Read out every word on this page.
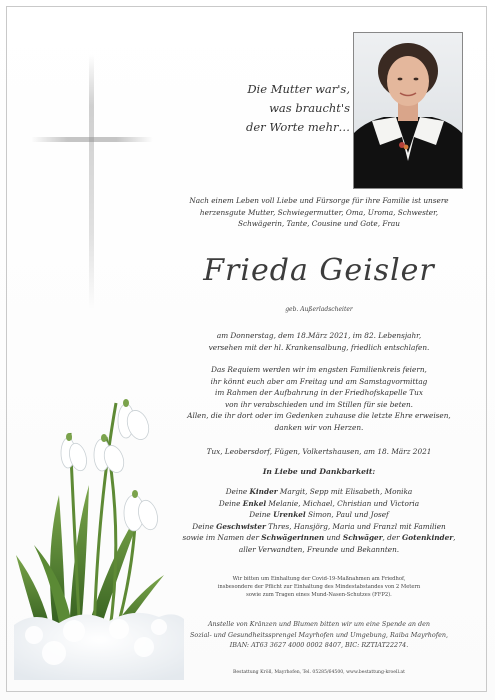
Die Mutter war's,
was braucht's
der Worte mehr…
Nach einem Leben voll Liebe und Fürsorge für ihre Familie ist unsere
herzensgute Mutter, Schwiegermutter, Oma, Uroma, Schwester,
Schwägerin, Tante, Cousine und Gote, Frau
Frieda Geisler
geb. Außerladscheiter
am Donnerstag, dem 18.März 2021, im 82. Lebensjahr,
versehen mit der hl. Krankensalbung, friedlich entschlafen.
Das Requiem werden wir im engsten Familienkreis feiern,
ihr könnt euch aber am Freitag und am Samstagvormittag
im Rahmen der Aufbahrung in der Friedhofskapelle Tux
von ihr verabschieden und im Stillen für sie beten.
Allen, die ihr dort oder im Gedenken zuhause die letzte Ehre erweisen,
danken wir von Herzen.
Tux, Leobersdorf, Fügen, Volkertshausen, am 18. März 2021
In Liebe und Dankbarkeit:
Deine Kinder Margit, Sepp mit Elisabeth, Monika
Deine Enkel Melanie, Michael, Christian und Victoria
Deine Urenkel Simon, Paul und Josef
Deine Geschwister Thres, Hansjörg, Maria und Franzl mit Familien
sowie im Namen der Schwägerinnen und Schwäger, der Gotenkinder,
aller Verwandten, Freunde und Bekannten.
Wir bitten um Einhaltung der Covid-19-Maßnahmen am Friedhof,
insbesondere der Pflicht zur Einhaltung des Mindestabstandes von 2 Metern
sowie zum Tragen eines Mund-Nasen-Schutzes (FFP2).
Anstelle von Kränzen und Blumen bitten wir um eine Spende an den
Sozial- und Gesundheitssprengel Mayrhofen und Umgebung, Raiba Mayrhofen,
IBAN: AT63 3627 4000 0002 8407, BIC: RZTIAT22274.
Bestattung Kröll, Mayrhofen, Tel. 05285/64500, www.bestattung-kroell.at
